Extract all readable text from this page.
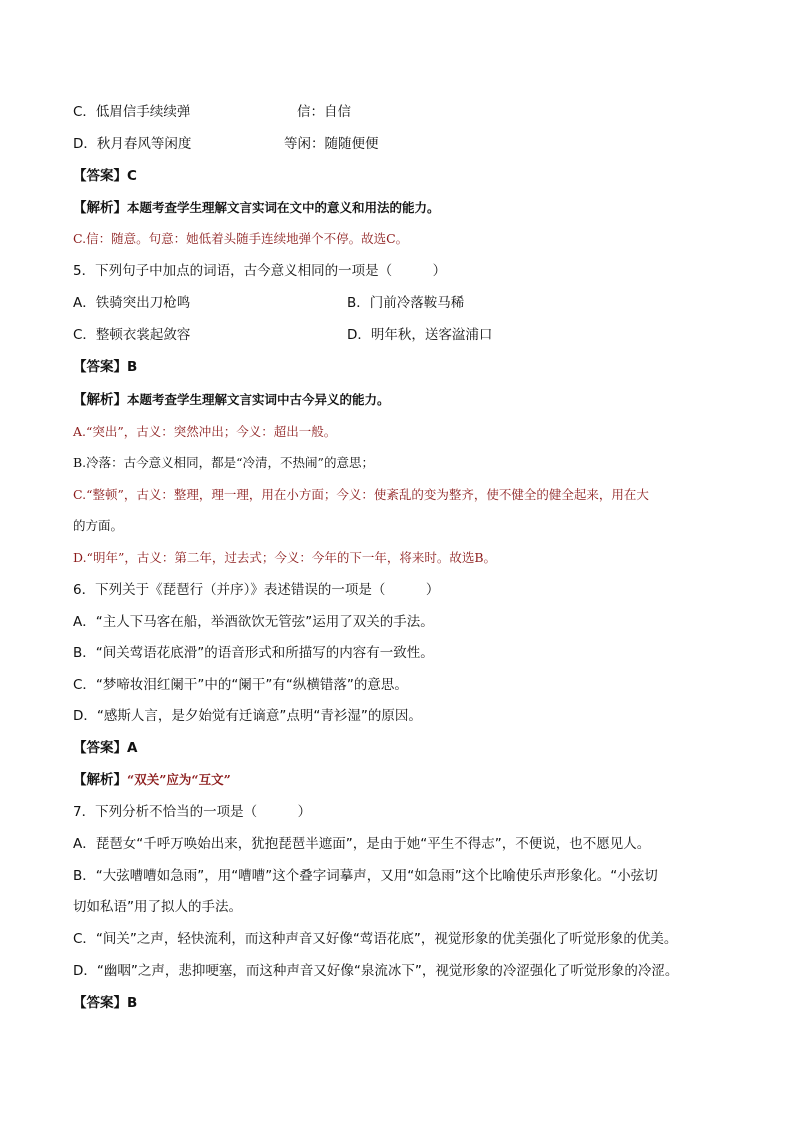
C．低眉信手续续弹	信：自信
D．秋月春风等闲度	等闲：随随便便
【答案】C
【解析】本题考查学生理解文言实词在文中的意义和用法的能力。
C.信：随意。句意：她低着头随手连续地弹个不停。故选C。
5．下列句子中加点的词语，古今意义相同的一项是（　　　）
A．铁骑突出刀枪鸣	B．门前冷落鞍马稀
C．整顿衣裳起敛容	D．明年秋，送客湓浦口
【答案】B
【解析】本题考查学生理解文言实词中古今异义的能力。
A.“突出”，古义：突然冲出；今义：超出一般。
B.冷落：古今意义相同，都是“冷清，不热闹”的意思；
C.“整顿”，古义：整理，理一理，用在小方面；今义：使紊乱的变为整齐，使不健全的健全起来，用在大
的方面。
D.“明年”，古义：第二年，过去式；今义：今年的下一年，将来时。故选B。
6．下列关于《琵琶行（并序）》表述错误的一项是（　　　）
A．“主人下马客在船，举酒欲饮无管弦”运用了双关的手法。
B．“间关莺语花底滑”的语音形式和所描写的内容有一致性。
C．“梦啼妆泪红阑干”中的“阑干”有“纵横错落”的意思。
D．“感斯人言，是夕始觉有迁谪意”点明“青衫湿”的原因。
【答案】A
【解析】“双关”应为“互文”
7．下列分析不恰当的一项是（　　　）
A．琵琶女“千呼万唤始出来，犹抱琵琶半遮面”，是由于她“平生不得志”，不便说，也不愿见人。
B．“大弦嘈嘈如急雨”，用“嘈嘈”这个叠字词摹声，又用“如急雨”这个比喻使乐声形象化。“小弦切
切如私语”用了拟人的手法。
C．“间关”之声，轻快流利，而这种声音又好像“莺语花底”，视觉形象的优美强化了听觉形象的优美。
D．“幽咽”之声，悲抑哽塞，而这种声音又好像“泉流冰下”，视觉形象的冷涩强化了听觉形象的冷涩。
【答案】B
